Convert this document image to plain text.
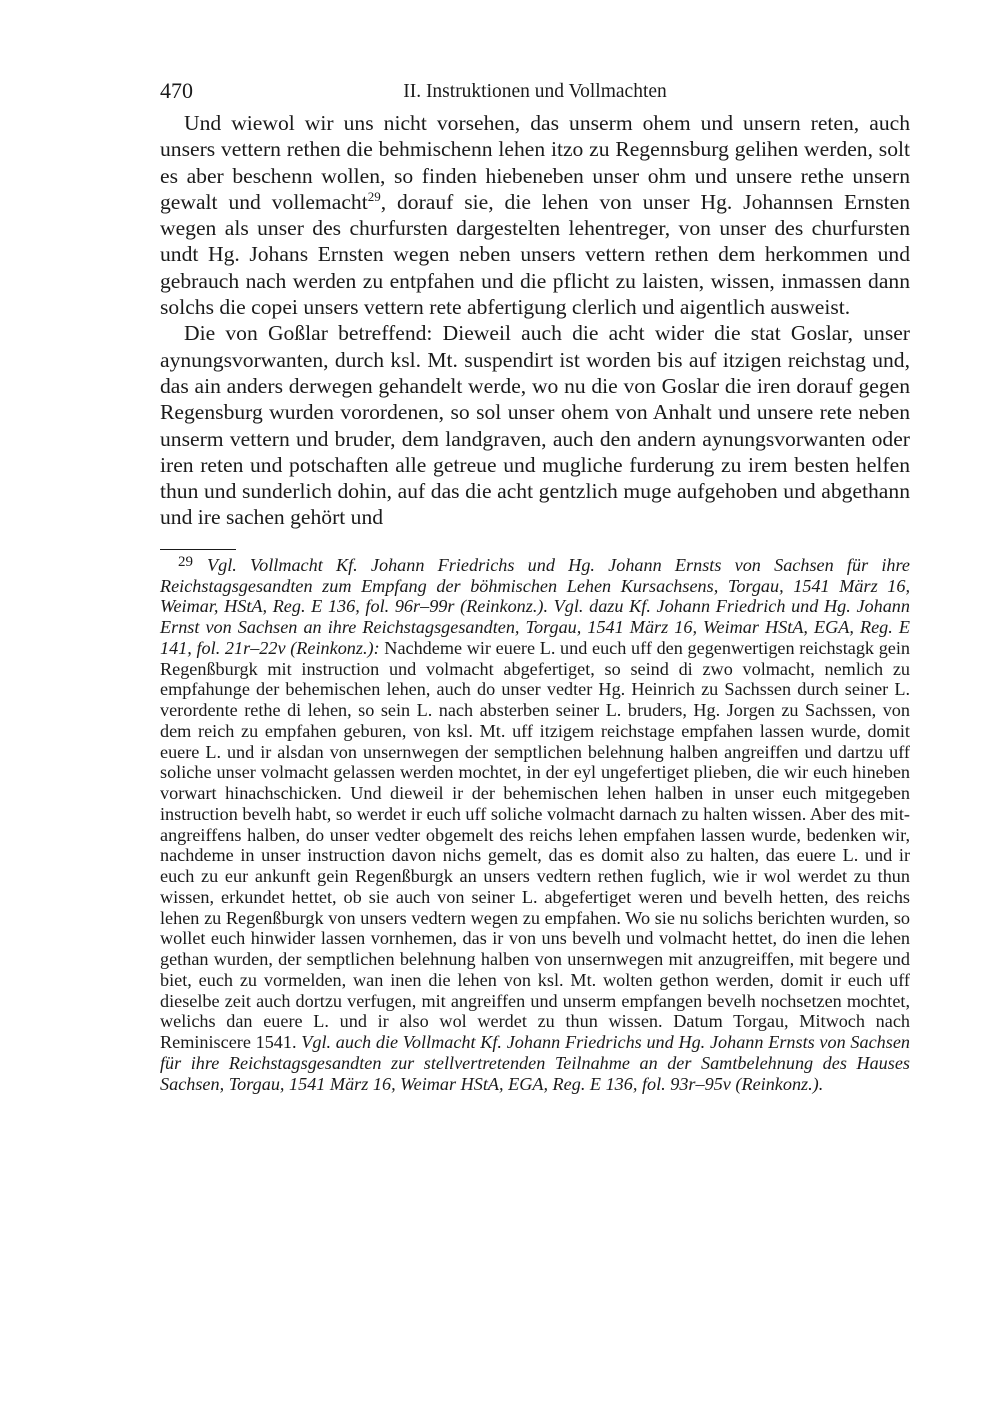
470	II. Instruktionen und Vollmachten

Und wiewol wir uns nicht vorsehen, das unserm ohem und unsern reten, auch unsers vettern rethen die behmischenn lehen itzo zu Regennsburg gelihen werden, solt es aber beschenn wollen, so finden hiebeneben unser ohm und unsere rethe unsern gewalt und vollemacht$^{29}$, dorauf sie, die lehen von unser Hg. Johannsen Ernsten wegen als unser des churfursten dargestelten lehentreger, von unser des churfursten undt Hg. Johans Ernsten wegen neben unsers vettern rethen dem herkommen und gebrauch nach werden zu entpfahen und die pflicht zu laisten, wissen, inmassen dann solchs die copei unsers vettern rete abfertigung clerlich und aigentlich ausweist.

Die von Goßlar betreffend: Dieweil auch die acht wider die stat Goslar, unser aynungsvorwanten, durch ksl. Mt. suspendirt ist worden bis auf itzigen reichstag und, das ain anders derwegen gehandelt werde, wo nu die von Goslar die iren dorauf gegen Regensburg wurden vorordenen, so sol unser ohem von Anhalt und unsere rete neben unserm vettern und bruder, dem landgraven, auch den andern aynungsvorwanten oder iren reten und potschaften alle getreue und mugliche furderung zu irem besten helfen thun und sunderlich dohin, auf das die acht gentzlich muge aufgehoben und abgethann und ire sachen gehört und

29 Vgl. Vollmacht Kf. Johann Friedrichs und Hg. Johann Ernsts von Sachsen für ihre Reichstagsgesandten zum Empfang der böhmischen Lehen Kursachsens, Torgau, 1541 März 16, Weimar, HStA, Reg. E 136, fol. 96r–99r (Reinkonz.). Vgl. dazu Kf. Johann Friedrich und Hg. Johann Ernst von Sachsen an ihre Reichstagsgesandten, Torgau, 1541 März 16, Weimar HStA, EGA, Reg. E 141, fol. 21r–22v (Reinkonz.): Nachdeme wir euere L. und euch uff den gegenwertigen reichstagk gein Regenßburgk mit instruction und volmacht abgefertiget, so seind di zwo volmacht, nemlich zu empfahunge der behemischen lehen, auch do unser vedter Hg. Heinrich zu Sachssen durch seiner L. verordente rethe di lehen, so sein L. nach absterben seiner L. bruders, Hg. Jorgen zu Sachssen, von dem reich zu empfahen geburen, von ksl. Mt. uff itzigem reichstage empfahen lassen wurde, domit euere L. und ir alsdan von unsernwegen der semptlichen belehnung halben angreiffen und dartzu uff soliche unser volmacht gelassen werden mochtet, in der eyl ungefertiget plieben, die wir euch hineben vorwart hinachschicken. Und dieweil ir der behemischen lehen halben in unser euch mitgegeben instruction bevelh habt, so werdet ir euch uff soliche volmacht darnach zu halten wissen. Aber des mit-angreiffens halben, do unser vedter obgemelt des reichs lehen empfahen lassen wurde, bedenken wir, nachdeme in unser instruction davon nichs gemelt, das es domit also zu halten, das euere L. und ir euch zu eur ankunft gein Regenßburgk an unsers vedtern rethen fuglich, wie ir wol werdet zu thun wissen, erkundet hettet, ob sie auch von seiner L. abgefertiget weren und bevelh hetten, des reichs lehen zu Regenßburgk von unsers vedtern wegen zu empfahen. Wo sie nu solichs berichten wurden, so wollet euch hinwider lassen vornhemen, das ir von uns bevelh und volmacht hettet, do inen die lehen gethan wurden, der semptlichen belehnung halben von unsernwegen mit anzugreiffen, mit begere und biet, euch zu vormelden, wan inen die lehen von ksl. Mt. wolten gethon werden, domit ir euch uff dieselbe zeit auch dortzu verfugen, mit angreiffen und unserm empfangen bevelh nochsetzen mochtet, welichs dan euere L. und ir also wol werdet zu thun wissen. Datum Torgau, Mitwoch nach Reminiscere 1541. Vgl. auch die Vollmacht Kf. Johann Friedrichs und Hg. Johann Ernsts von Sachsen für ihre Reichstagsgesandten zur stellvertretenden Teilnahme an der Samtbelehnung des Hauses Sachsen, Torgau, 1541 März 16, Weimar HStA, EGA, Reg. E 136, fol. 93r–95v (Reinkonz.).
